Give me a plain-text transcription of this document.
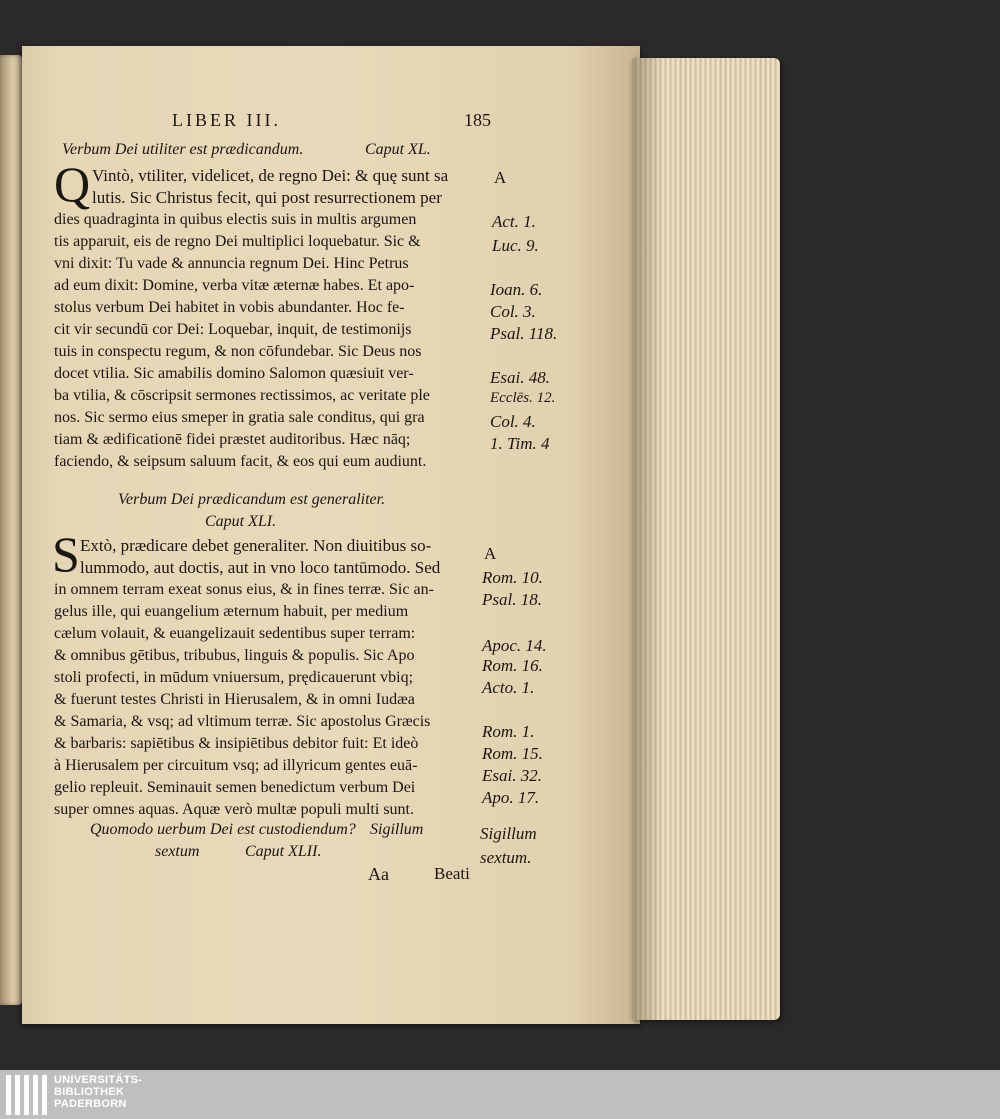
LIBER III.	185
Verbum Dei utiliter est prædicandum.	Caput XL.
Q Vintò, vtiliter, videlicet, de regno Dei: & quę sunt sa
lutis. Sic Christus fecit, qui post resurrectionem per
dies quadraginta in quibus electis suis in multis argumen
tis apparuit, eis de regno Dei multiplici loquebatur. Sic &
vni dixit: Tu vade & annuncia regnum Dei. Hinc Petrus
ad eum dixit: Domine, verba vitæ æternæ habes. Et apo-
stolus verbum Dei habitet in vobis abundanter. Hoc fe-
cit vir secundū cor Dei: Loquebar, inquit, de testimonijs
tuis in conspectu regum, & non cōfundebar. Sic Deus nos
docet vtilia. Sic amabilis domino Salomon quæsiuit ver-
ba vtilia, & cōscripsit sermones rectissimos, ac veritate ple
nos. Sic sermo eius smeper in gratia sale conditus, qui gra
tiam & ædificationē fidei præstet auditoribus. Hæc nāq;
faciendo, & seipsum saluum facit, & eos qui eum audiunt.
A
Act. 1.
Luc. 9.
Ioan. 6.
Col. 3.
Psal. 118.
Esai. 48.
Ecclēs. 12.
Col. 4.
1. Tim. 4
Verbum Dei prædicandum est generaliter.
Caput XLI.
S Extò, prædicare debet generaliter. Non diuitibus so-
lummodo, aut doctis, aut in vno loco tantūmodo. Sed
in omnem terram exeat sonus eius, & in fines terræ. Sic an-
gelus ille, qui euangelium æternum habuit, per medium
cælum volauit, & euangelizauit sedentibus super terram:
& omnibus gētibus, tribubus, linguis & populis. Sic Apo
stoli profecti, in mūdum vniuersum, prędicauerunt vbiq;
& fuerunt testes Christi in Hierusalem, & in omni Iudæa
& Samaria, & vsq; ad vltimum terræ. Sic apostolus Græcis
& barbaris: sapiētibus & insipiētibus debitor fuit: Et ideò
à Hierusalem per circuitum vsq; ad illyricum gentes euā-
gelio repleuit. Seminauit semen benedictum verbum Dei
super omnes aquas. Aquæ verò multæ populi multi sunt.
A
Rom. 10.
Psal. 18.
Apoc. 14.
Rom. 16.
Acto. 1.
Rom. 1.
Rom. 15.
Esai. 32.
Apo. 17.
Quomodo uerbum Dei est custodiendum? Sigillum
sextum	Caput XLII.
Sigillum
sextum.
Aa	Beati
UNIVERSITÄTS-
BIBLIOTHEK
PADERBORN
